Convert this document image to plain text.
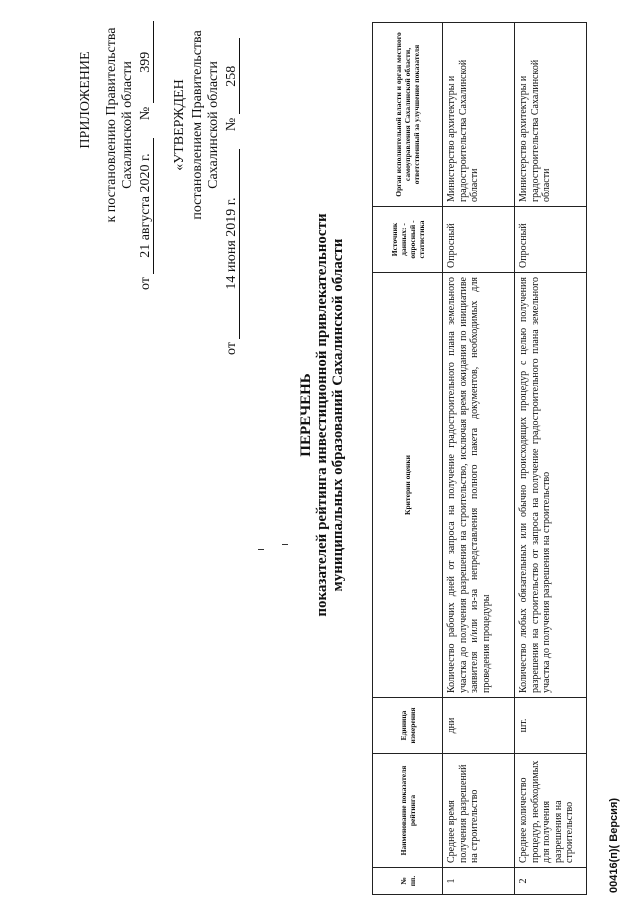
ПРИЛОЖЕНИЕ к постановлению Правительства Сахалинской области
от 21 августа 2020 г. № 399
«УТВЕРЖДЕН постановлением Правительства Сахалинской области
от 14 июня 2019 г. № 258
ПЕРЕЧЕНЬ показателей рейтинга инвестиционной привлекательности муниципальных образований Сахалинской области
№ пп.	Наименование показателя рейтинга	Единица измерения	Критерии оценки	Источник данных: - опросный - статистика	Орган исполнительной власти и орган местного самоуправления Сахалинской области, ответственный за улучшение показателя
1	Среднее время получения разрешений на строительство	дни	Количество рабочих дней от запроса на получение градостроительного плана земельного участка до получения разрешения на строительство, исключая время ожидания по инициативе заявителя и/или из-за непредставления полного пакета документов, необходимых для проведения процедуры	Опросный	Министерство архитектуры и градостроительства Сахалинской области
2	Среднее количество процедур, необходимых для получения разрешения на строительство	шт.	Количество любых обязательных или обычно происходящих процедур с целью получения разрешения на строительство от запроса на получение градостроительного плана земельного участка до получения разрешения на строительство	Опросный	Министерство архитектуры и градостроительства Сахалинской области
00416(п)( Версия)
